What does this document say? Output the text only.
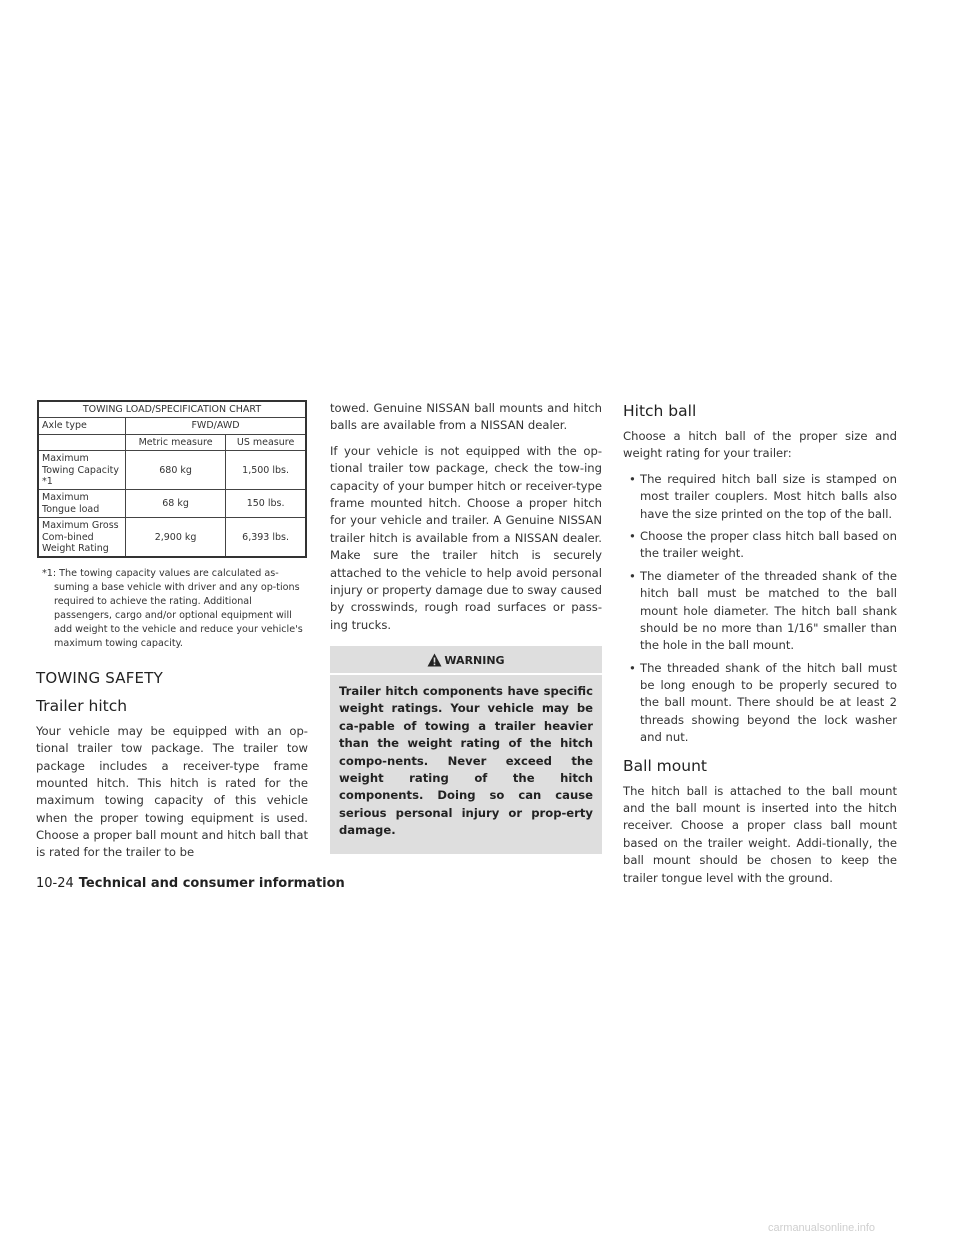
TOWING LOAD/SPECIFICATION CHART		
Axle type	FWD/AWD	
	Metric measure	US measure
Maximum Towing Capacity *1	680 kg	1,500 lbs.
Maximum Tongue load	68 kg	150 lbs.
Maximum Gross Com-bined Weight Rating	2,900 kg	6,393 lbs.
*1: The towing capacity values are calculated as-suming a base vehicle with driver and any op-tions required to achieve the rating. Additional passengers, cargo and/or optional equipment will add weight to the vehicle and reduce your vehicle's maximum towing capacity.
TOWING SAFETY
Trailer hitch

Your vehicle may be equipped with an op-tional trailer tow package. The trailer tow package includes a receiver-type frame mounted hitch. This hitch is rated for the maximum towing capacity of this vehicle when the proper towing equipment is used. Choose a proper ball mount and hitch ball that is rated for the trailer to be

towed. Genuine NISSAN ball mounts and hitch balls are available from a NISSAN dealer.

If your vehicle is not equipped with the op-tional trailer tow package, check the tow-ing capacity of your bumper hitch or receiver-type frame mounted hitch. Choose a proper hitch for your vehicle and trailer. A Genuine NISSAN trailer hitch is available from a NISSAN dealer. Make sure the trailer hitch is securely attached to the vehicle to help avoid personal injury or property damage due to sway caused by crosswinds, rough road surfaces or pass-ing trucks.

WARNING
Trailer hitch components have specific weight ratings. Your vehicle may be ca-pable of towing a trailer heavier than the weight rating of the hitch compo-nents. Never exceed the weight rating of the hitch components. Doing so can cause serious personal injury or prop-erty damage.
Hitch ball

Choose a hitch ball of the proper size and weight rating for your trailer:

• The required hitch ball size is stamped on most trailer couplers. Most hitch balls also have the size printed on the top of the ball.
• Choose the proper class hitch ball based on the trailer weight.
• The diameter of the threaded shank of the hitch ball must be matched to the ball mount hole diameter. The hitch ball shank should be no more than 1/16" smaller than the hole in the ball mount.
• The threaded shank of the hitch ball must be long enough to be properly secured to the ball mount. There should be at least 2 threads showing beyond the lock washer and nut.
Ball mount

The hitch ball is attached to the ball mount and the ball mount is inserted into the hitch receiver. Choose a proper class ball mount based on the trailer weight. Addi-tionally, the ball mount should be chosen to keep the trailer tongue level with the ground.

10-24 Technical and consumer information
carmanualsonline.info
